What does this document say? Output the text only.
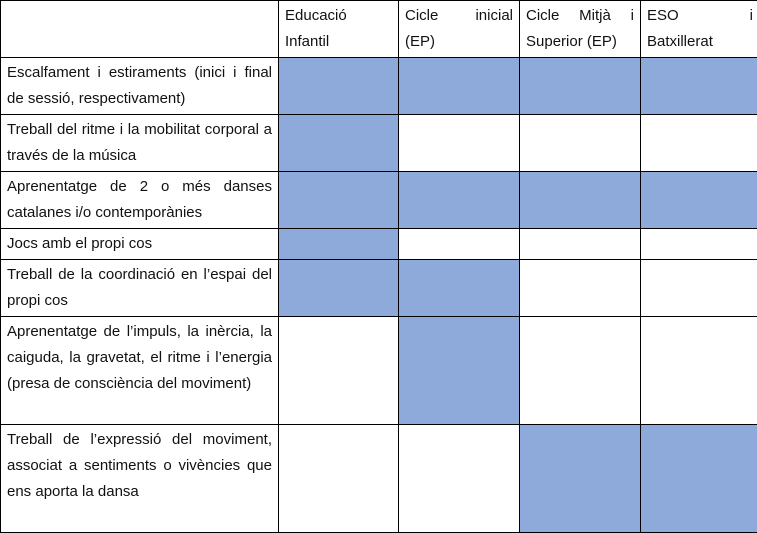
	Educació Infantil	Cicle inicial (EP)	Cicle Mitjà i Superior (EP)	ESO i Batxillerat
Escalfament i estiraments (inici i final de sessió, respectivament)				
Treball del ritme i la mobilitat corporal a través de la música				
Aprenentatge de 2 o més danses catalanes i/o contemporànies				
Jocs amb el propi cos				
Treball de la coordinació en l’espai del propi cos				
Aprenentatge de l’impuls, la inèrcia, la caiguda, la gravetat, el ritme i l’energia (presa de consciència del moviment)				
Treball de l’expressió del moviment, associat a sentiments o vivències que ens aporta la dansa				
